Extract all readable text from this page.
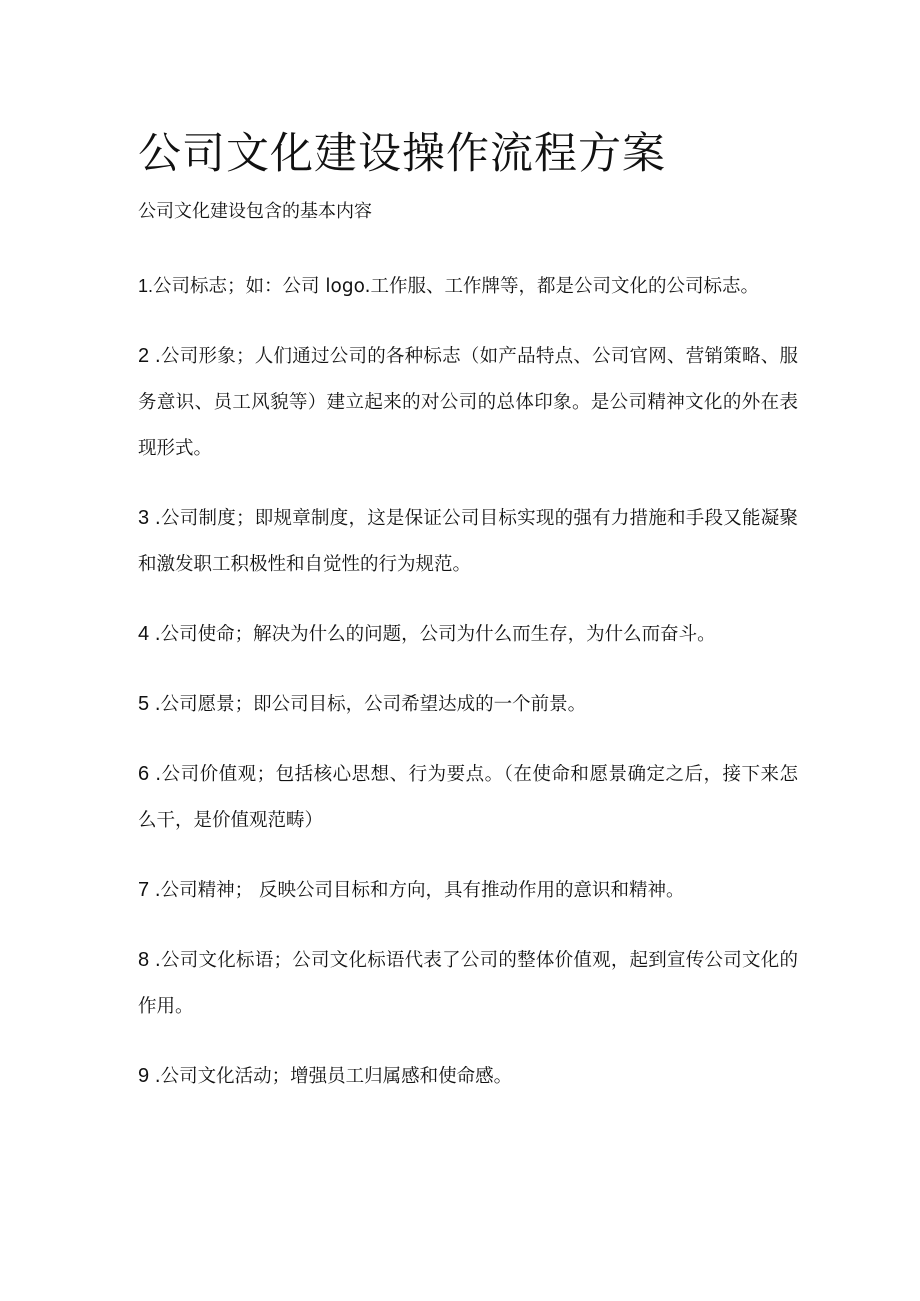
公司文化建设操作流程方案

公司文化建设包含的基本内容

1.公司标志；如：公司 logo.工作服、工作牌等，都是公司文化的公司标志。
2 .公司形象；人们通过公司的各种标志（如产品特点、公司官网、营销策略、服务意识、员工风貌等）建立起来的对公司的总体印象。是公司精神文化的外在表现形式。
3 .公司制度；即规章制度，这是保证公司目标实现的强有力措施和手段又能凝聚和激发职工积极性和自觉性的行为规范。
4 .公司使命；解决为什么的问题，公司为什么而生存，为什么而奋斗。
5 .公司愿景；即公司目标，公司希望达成的一个前景。
6 .公司价值观；包括核心思想、行为要点。（在使命和愿景确定之后，接下来怎么干，是价值观范畴）
7 .公司精神； 反映公司目标和方向，具有推动作用的意识和精神。
8 .公司文化标语；公司文化标语代表了公司的整体价值观，起到宣传公司文化的作用。
9 .公司文化活动；增强员工归属感和使命感。
